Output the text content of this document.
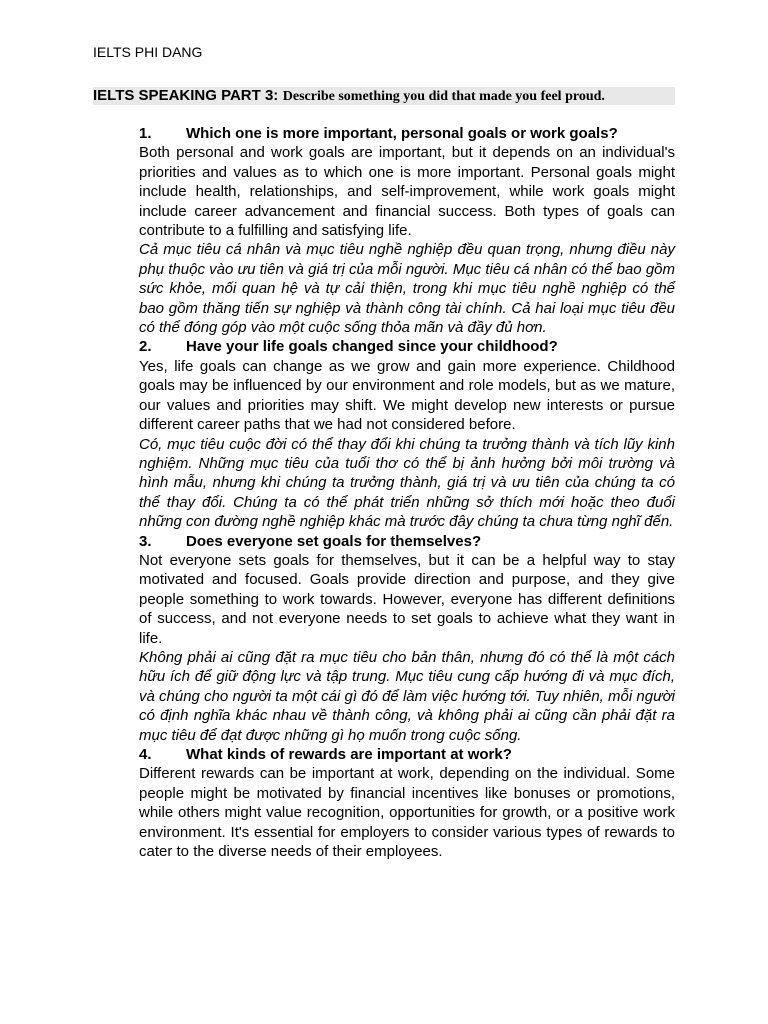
IELTS PHI DANG
IELTS SPEAKING PART 3: Describe something you did that made you feel proud.

1. Which one is more important, personal goals or work goals?

Both personal and work goals are important, but it depends on an individual's priorities and values as to which one is more important. Personal goals might include health, relationships, and self-improvement, while work goals might include career advancement and financial success. Both types of goals can contribute to a fulfilling and satisfying life.

Cả mục tiêu cá nhân và mục tiêu nghề nghiệp đều quan trọng, nhưng điều này phụ thuộc vào ưu tiên và giá trị của mỗi người. Mục tiêu cá nhân có thể bao gồm sức khỏe, mối quan hệ và tự cải thiện, trong khi mục tiêu nghề nghiệp có thể bao gồm thăng tiến sự nghiệp và thành công tài chính. Cả hai loại mục tiêu đều có thể đóng góp vào một cuộc sống thỏa mãn và đầy đủ hơn.

2. Have your life goals changed since your childhood?

Yes, life goals can change as we grow and gain more experience. Childhood goals may be influenced by our environment and role models, but as we mature, our values and priorities may shift. We might develop new interests or pursue different career paths that we had not considered before.

Có, mục tiêu cuộc đời có thể thay đổi khi chúng ta trưởng thành và tích lũy kinh nghiệm. Những mục tiêu của tuổi thơ có thể bị ảnh hưởng bởi môi trường và hình mẫu, nhưng khi chúng ta trưởng thành, giá trị và ưu tiên của chúng ta có thể thay đổi. Chúng ta có thể phát triển những sở thích mới hoặc theo đuổi những con đường nghề nghiệp khác mà trước đây chúng ta chưa từng nghĩ đến.

3. Does everyone set goals for themselves?

Not everyone sets goals for themselves, but it can be a helpful way to stay motivated and focused. Goals provide direction and purpose, and they give people something to work towards. However, everyone has different definitions of success, and not everyone needs to set goals to achieve what they want in life.

Không phải ai cũng đặt ra mục tiêu cho bản thân, nhưng đó có thể là một cách hữu ích để giữ động lực và tập trung. Mục tiêu cung cấp hướng đi và mục đích, và chúng cho người ta một cái gì đó để làm việc hướng tới. Tuy nhiên, mỗi người có định nghĩa khác nhau về thành công, và không phải ai cũng cần phải đặt ra mục tiêu để đạt được những gì họ muốn trong cuộc sống.

4. What kinds of rewards are important at work?

Different rewards can be important at work, depending on the individual. Some people might be motivated by financial incentives like bonuses or promotions, while others might value recognition, opportunities for growth, or a positive work environment. It's essential for employers to consider various types of rewards to cater to the diverse needs of their employees.
